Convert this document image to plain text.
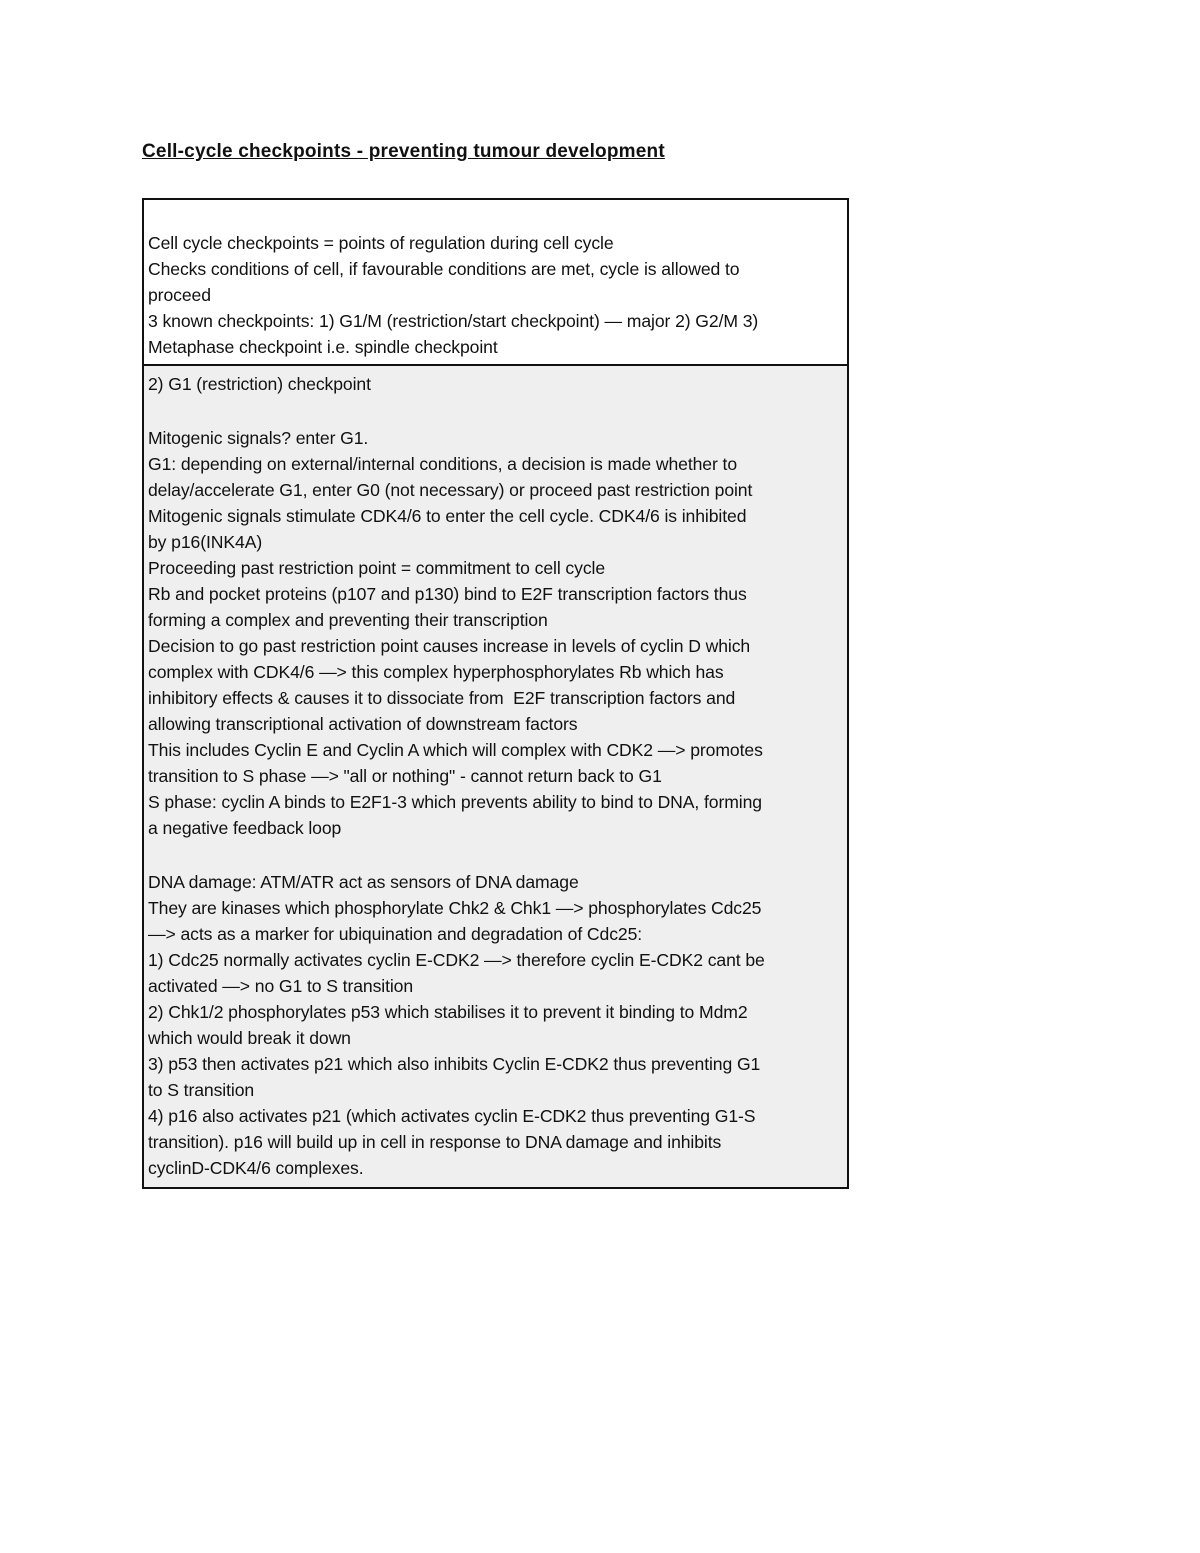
Cell-cycle checkpoints - preventing tumour development
Cell cycle checkpoints = points of regulation during cell cycle
Checks conditions of cell, if favourable conditions are met, cycle is allowed to
proceed
3 known checkpoints: 1) G1/M (restriction/start checkpoint) — major 2) G2/M 3)
Metaphase checkpoint i.e. spindle checkpoint
2) G1 (restriction) checkpoint
Mitogenic signals? enter G1.
G1: depending on external/internal conditions, a decision is made whether to
delay/accelerate G1, enter G0 (not necessary) or proceed past restriction point
Mitogenic signals stimulate CDK4/6 to enter the cell cycle. CDK4/6 is inhibited
by p16(INK4A)
Proceeding past restriction point = commitment to cell cycle
Rb and pocket proteins (p107 and p130) bind to E2F transcription factors thus
forming a complex and preventing their transcription
Decision to go past restriction point causes increase in levels of cyclin D which
complex with CDK4/6 —> this complex hyperphosphorylates Rb which has
inhibitory effects & causes it to dissociate from  E2F transcription factors and
allowing transcriptional activation of downstream factors
This includes Cyclin E and Cyclin A which will complex with CDK2 —> promotes
transition to S phase —> "all or nothing" - cannot return back to G1
S phase: cyclin A binds to E2F1-3 which prevents ability to bind to DNA, forming
a negative feedback loop
DNA damage: ATM/ATR act as sensors of DNA damage
They are kinases which phosphorylate Chk2 & Chk1 —> phosphorylates Cdc25
—> acts as a marker for ubiquination and degradation of Cdc25:
1) Cdc25 normally activates cyclin E-CDK2 —> therefore cyclin E-CDK2 cant be
activated —> no G1 to S transition
2) Chk1/2 phosphorylates p53 which stabilises it to prevent it binding to Mdm2
which would break it down
3) p53 then activates p21 which also inhibits Cyclin E-CDK2 thus preventing G1
to S transition
4) p16 also activates p21 (which activates cyclin E-CDK2 thus preventing G1-S
transition). p16 will build up in cell in response to DNA damage and inhibits
cyclinD-CDK4/6 complexes.
